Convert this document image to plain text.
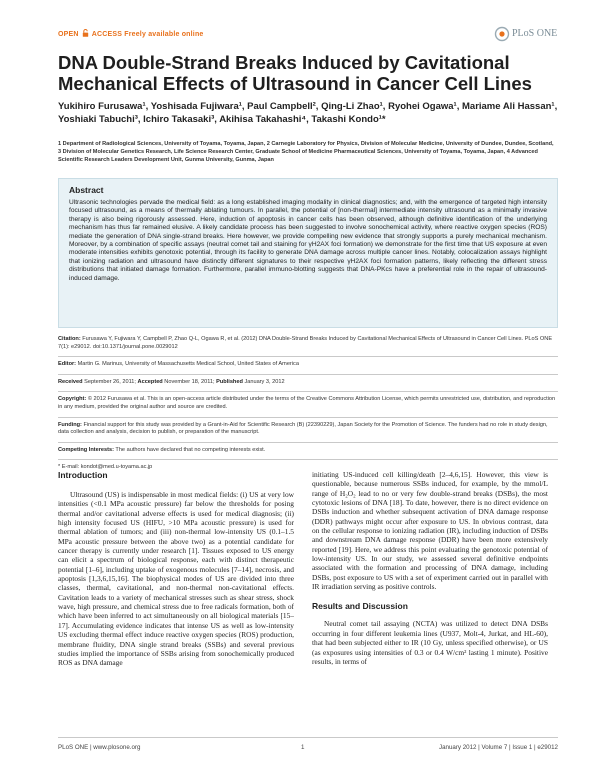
OPEN ACCESS Freely available online	PLoS ONE
DNA Double-Strand Breaks Induced by Cavitational Mechanical Effects of Ultrasound in Cancer Cell Lines
Yukihiro Furusawa¹, Yoshisada Fujiwara¹, Paul Campbell², Qing-Li Zhao¹, Ryohei Ogawa¹, Mariame Ali Hassan¹, Yoshiaki Tabuchi³, Ichiro Takasaki³, Akihisa Takahashi⁴, Takashi Kondo¹*
1 Department of Radiological Sciences, University of Toyama, Toyama, Japan, 2 Carnegie Laboratory for Physics, Division of Molecular Medicine, University of Dundee, Dundee, Scotland, 3 Division of Molecular Genetics Research, Life Science Research Center, Graduate School of Medicine Pharmaceutical Sciences, University of Toyama, Toyama, Japan, 4 Advanced Scientific Research Leaders Development Unit, Gunma University, Gunma, Japan
Abstract
Ultrasonic technologies pervade the medical field: as a long established imaging modality in clinical diagnostics; and, with the emergence of targeted high intensity focused ultrasound, as a means of thermally ablating tumours. In parallel, the potential of [non-thermal] intermediate intensity ultrasound as a minimally invasive therapy is also being rigorously assessed. Here, induction of apoptosis in cancer cells has been observed, although definitive identification of the underlying mechanism has thus far remained elusive. A likely candidate process has been suggested to involve sonochemical activity, where reactive oxygen species (ROS) mediate the generation of DNA single-strand breaks. Here however, we provide compelling new evidence that strongly supports a purely mechanical mechanism. Moreover, by a combination of specific assays (neutral comet tail and staining for γH2AX foci formation) we demonstrate for the first time that US exposure at even moderate intensities exhibits genotoxic potential, through its facility to generate DNA damage across multiple cancer lines. Notably, colocalization assays highlight that ionizing radiation and ultrasound have distinctly different signatures to their respective γH2AX foci formation patterns, likely reflecting the different stress distributions that initiated damage formation. Furthermore, parallel immuno-blotting suggests that DNA-PKcs have a preferential role in the repair of ultrasound-induced damage.

Citation: Furusawa Y, Fujiwara Y, Campbell P, Zhao Q-L, Ogawa R, et al. (2012) DNA Double-Strand Breaks Induced by Cavitational Mechanical Effects of Ultrasound in Cancer Cell Lines. PLoS ONE 7(1): e29012. doi:10.1371/journal.pone.0029012

Editor: Martin G. Marinus, University of Massachusetts Medical School, United States of America

Received September 26, 2011; Accepted November 18, 2011; Published January 3, 2012

Copyright: © 2012 Furusawa et al. This is an open-access article distributed under the terms of the Creative Commons Attribution License, which permits unrestricted use, distribution, and reproduction in any medium, provided the original author and source are credited.

Funding: Financial support for this study was provided by a Grant-in-Aid for Scientific Research (B) (22390229), Japan Society for the Promotion of Science. The funders had no role in study design, data collection and analysis, decision to publish, or preparation of the manuscript.

Competing Interests: The authors have declared that no competing interests exist.

* E-mail: kondot@med.u-toyama.ac.jp

Introduction

Ultrasound (US) is indispensable in most medical fields: (i) US at very low intensities (<0.1 MPa acoustic pressure) far below the thresholds for posing thermal and/or cavitational adverse effects is used for medical diagnosis; (ii) high intensity focused US (HIFU, >10 MPa acoustic pressure) is used for thermal ablation of tumors; and (iii) non-thermal low-intensity US (0.1–1.5 MPa acoustic pressure between the above two) as a potential candidate for cancer therapy is currently under research [1]. Tissues exposed to US energy can elicit a spectrum of biological response, each with distinct therapeutic potential [1–6], including uptake of exogenous molecules [7–14], necrosis, and apoptosis [1,3,6,15,16]. The biophysical modes of US are divided into three classes, thermal, cavitational, and non-thermal non-cavitational effects. Cavitation leads to a variety of mechanical stresses such as shear stress, shock wave, high pressure, and chemical stress due to free radicals formation, both of which have been inferred to act simultaneously on all biological materials [15–17]. Accumulating evidence indicates that intense US as well as low-intensity US excluding thermal effect induce reactive oxygen species (ROS) production, membrane fluidity, DNA single strand breaks (SSBs) and several previous studies implied the importance of SSBs arising from sonochemically produced ROS as DNA damage

initiating US-induced cell killing/death [2–4,6,15]. However, this view is questionable, because numerous SSBs induced, for example, by the mmol/L range of H₂O₂ lead to no or very few double-strand breaks (DSBs), the most cytotoxic lesions of DNA [18]. To date, however, there is no direct evidence on DSBs induction and whether subsequent activation of DNA damage response (DDR) pathways might occur after exposure to US. In obvious contrast, data on the cellular response to ionizing radiation (IR), including induction of DSBs and downstream DNA damage response (DDR) have been more extensively reported [19]. Here, we address this point evaluating the genotoxic potential of low-intensity US. In our study, we assessed several definitive endpoints associated with the formation and processing of DNA damage, including DSBs, post exposure to US with a set of experiment carried out in parallel with IR irradiation serving as positive controls.

Results and Discussion

Neutral comet tail assaying (NCTA) was utilized to detect DNA DSBs occurring in four different leukemia lines (U937, Molt-4, Jurkat, and HL-60), that had been subjected either to IR (10 Gy, unless specified otherwise), or US (as exposures using intensities of 0.3 or 0.4 W/cm² lasting 1 minute). Positive results, in terms of

PLoS ONE | www.plosone.org	1	January 2012 | Volume 7 | Issue 1 | e29012
